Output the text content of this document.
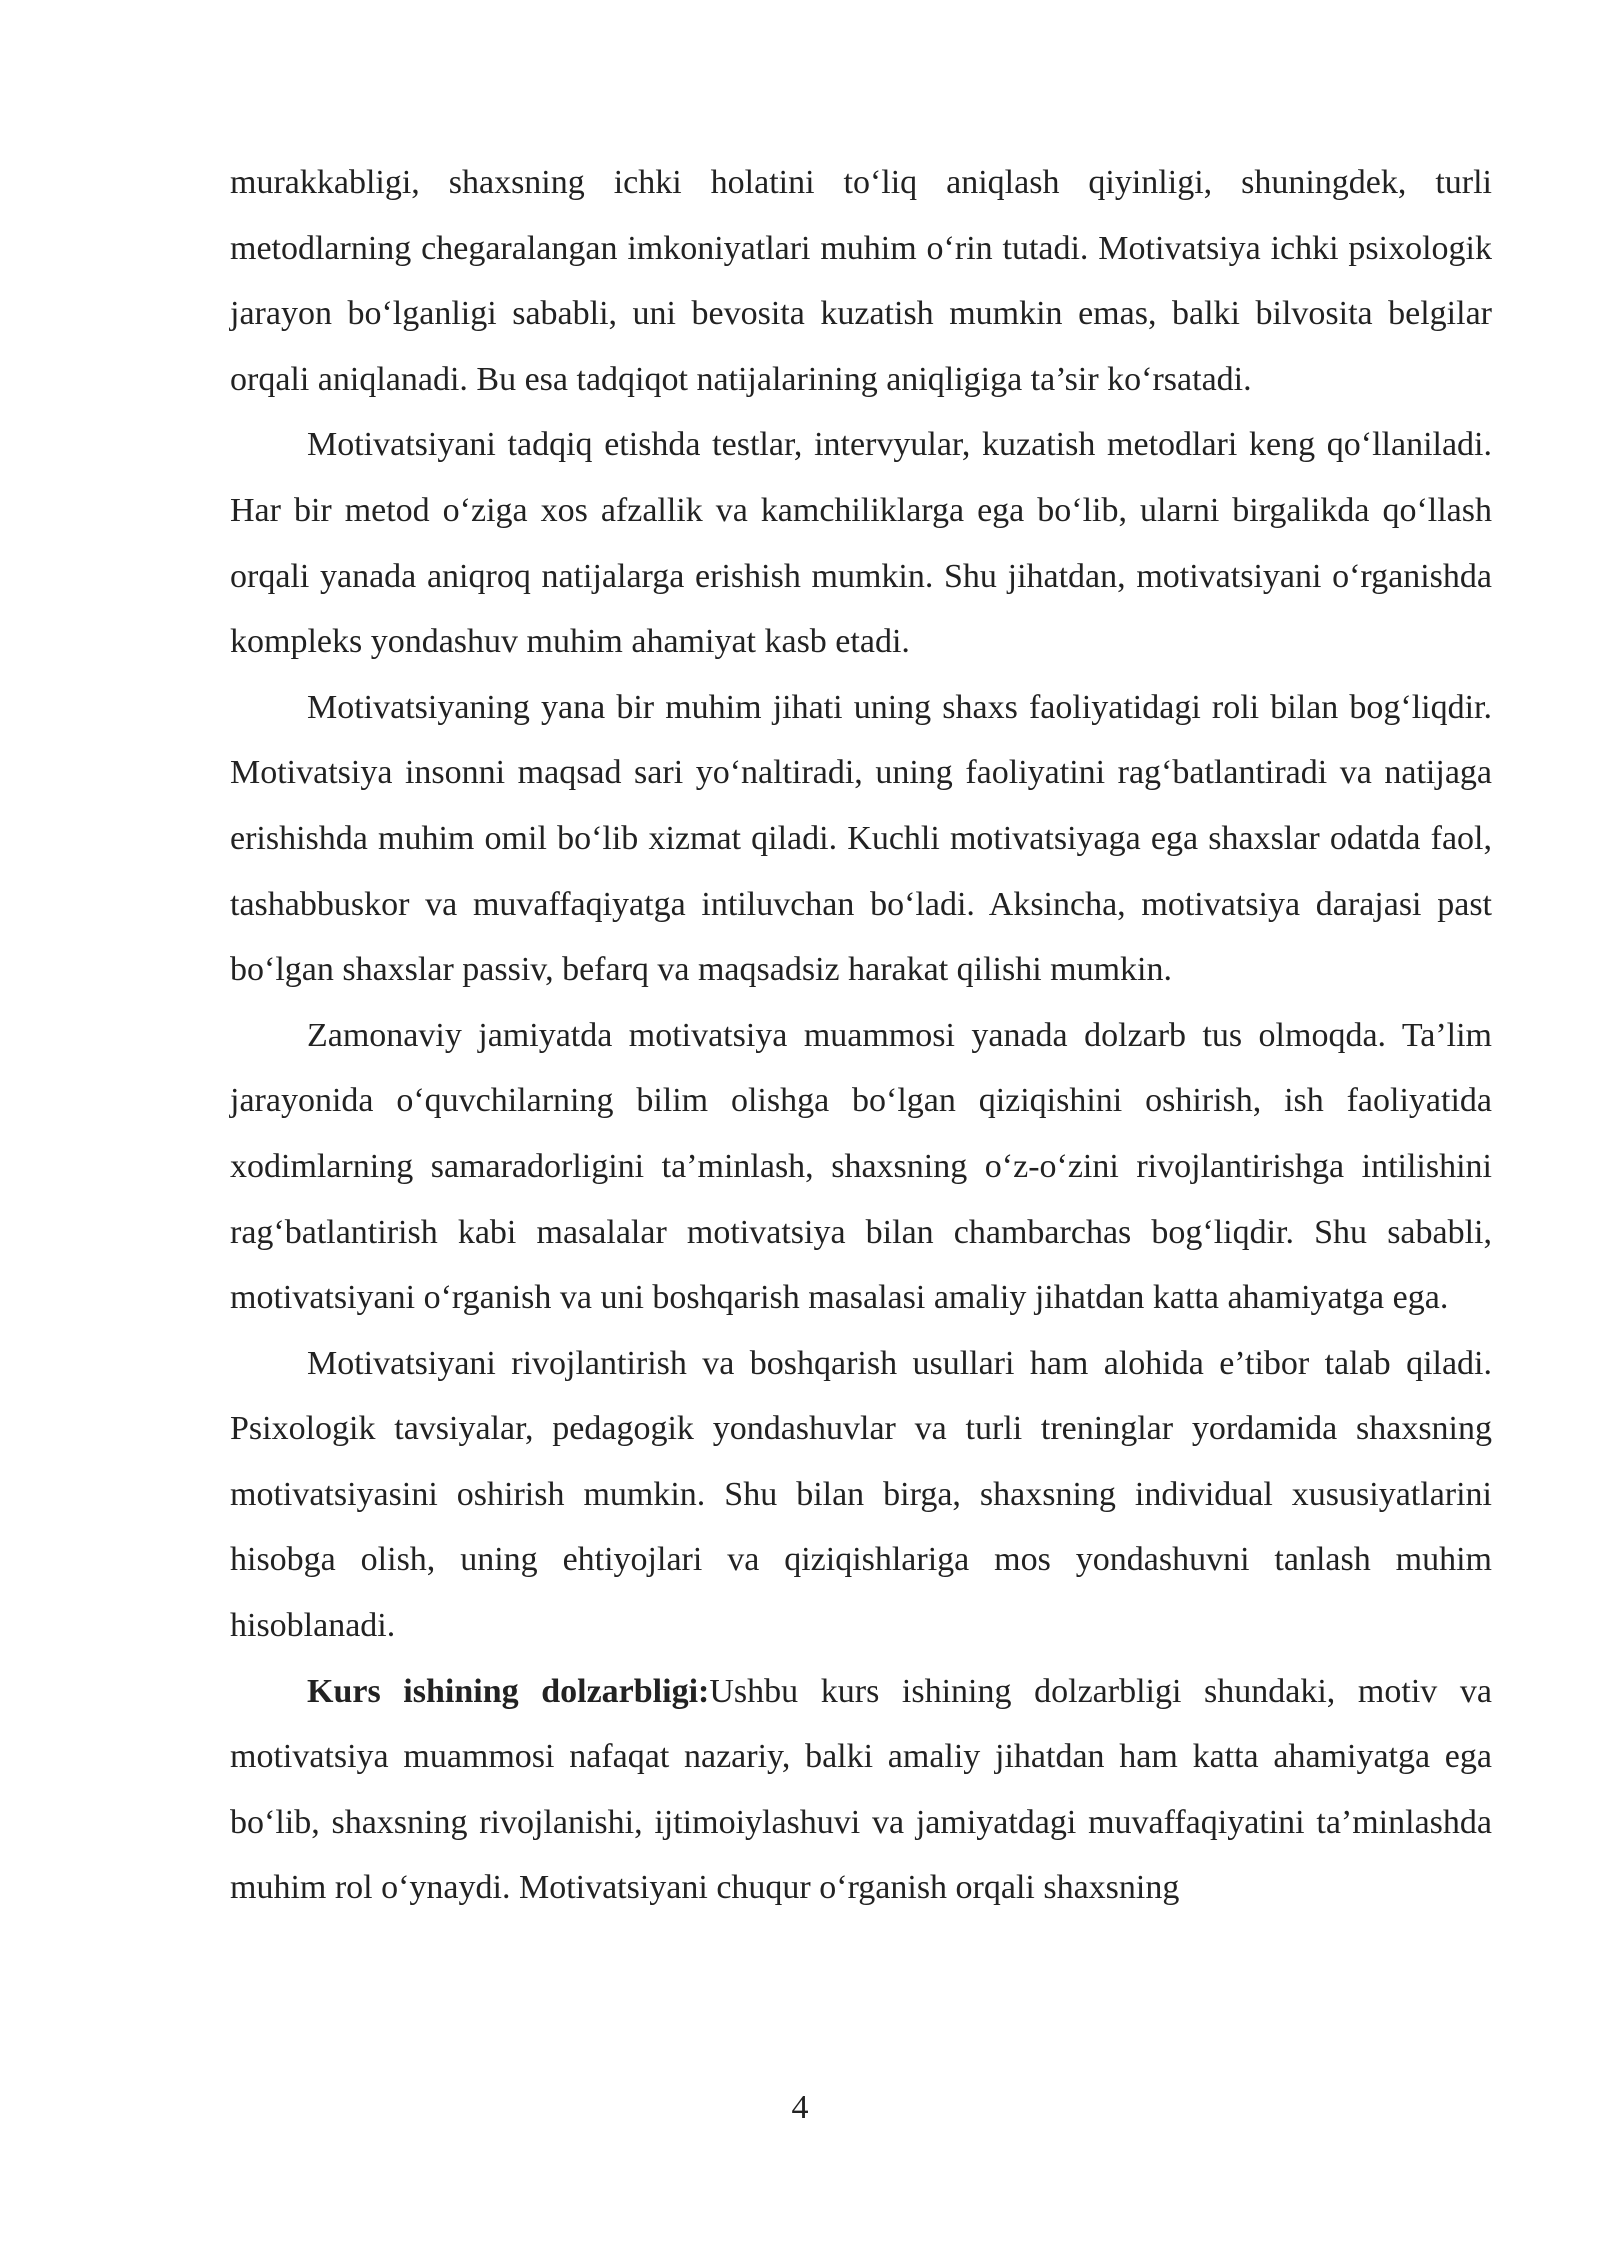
murakkabligi, shaxsning ichki holatini to‘liq aniqlash qiyinligi, shuningdek, turli metodlarning chegaralangan imkoniyatlari muhim o‘rin tutadi. Motivatsiya ichki psixologik jarayon bo‘lganligi sababli, uni bevosita kuzatish mumkin emas, balki bilvosita belgilar orqali aniqlanadi. Bu esa tadqiqot natijalarining aniqligiga ta’sir ko‘rsatadi.

Motivatsiyani tadqiq etishda testlar, intervyular, kuzatish metodlari keng qo‘llaniladi. Har bir metod o‘ziga xos afzallik va kamchiliklarga ega bo‘lib, ularni birgalikda qo‘llash orqali yanada aniqroq natijalarga erishish mumkin. Shu jihatdan, motivatsiyani o‘rganishda kompleks yondashuv muhim ahamiyat kasb etadi.

Motivatsiyaning yana bir muhim jihati uning shaxs faoliyatidagi roli bilan bog‘liqdir. Motivatsiya insonni maqsad sari yo‘naltiradi, uning faoliyatini rag‘batlantiradi va natijaga erishishda muhim omil bo‘lib xizmat qiladi. Kuchli motivatsiyaga ega shaxslar odatda faol, tashabbuskor va muvaffaqiyatga intiluvchan bo‘ladi. Aksincha, motivatsiya darajasi past bo‘lgan shaxslar passiv, befarq va maqsadsiz harakat qilishi mumkin.

Zamonaviy jamiyatda motivatsiya muammosi yanada dolzarb tus olmoqda. Ta’lim jarayonida o‘quvchilarning bilim olishga bo‘lgan qiziqishini oshirish, ish faoliyatida xodimlarning samaradorligini ta’minlash, shaxsning o‘z-o‘zini rivojlantirishga intilishini rag‘batlantirish kabi masalalar motivatsiya bilan chambarchas bog‘liqdir. Shu sababli, motivatsiyani o‘rganish va uni boshqarish masalasi amaliy jihatdan katta ahamiyatga ega.

Motivatsiyani rivojlantirish va boshqarish usullari ham alohida e’tibor talab qiladi. Psixologik tavsiyalar, pedagogik yondashuvlar va turli treninglar yordamida shaxsning motivatsiyasini oshirish mumkin. Shu bilan birga, shaxsning individual xususiyatlarini hisobga olish, uning ehtiyojlari va qiziqishlariga mos yondashuvni tanlash muhim hisoblanadi.

Kurs ishining dolzarbligi:Ushbu kurs ishining dolzarbligi shundaki, motiv va motivatsiya muammosi nafaqat nazariy, balki amaliy jihatdan ham katta ahamiyatga ega bo‘lib, shaxsning rivojlanishi, ijtimoiylashuvi va jamiyatdagi muvaffaqiyatini ta’minlashda muhim rol o‘ynaydi. Motivatsiyani chuqur o‘rganish orqali shaxsning

4
